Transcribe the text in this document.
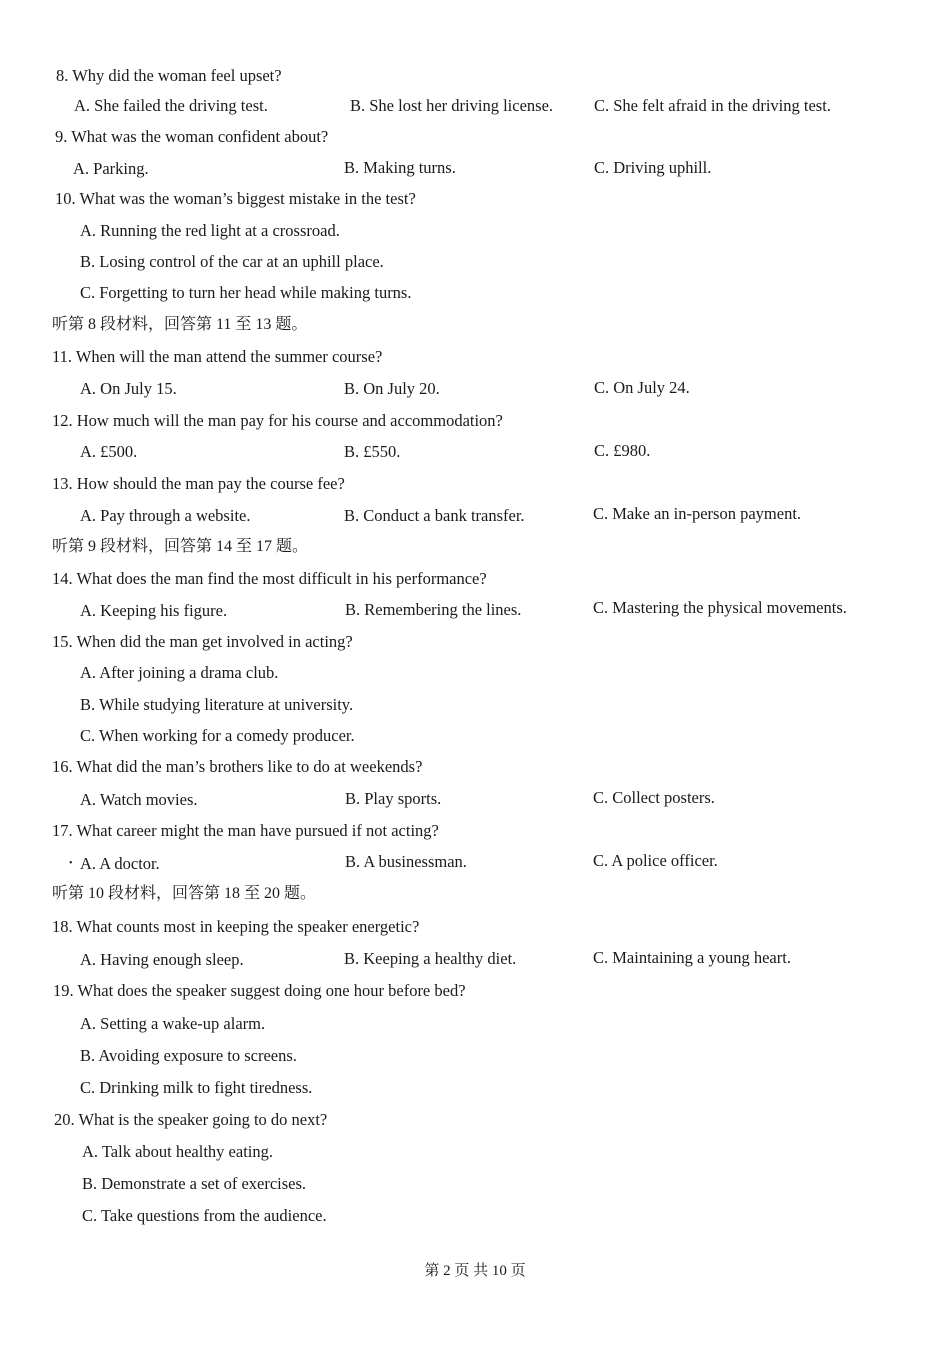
8. Why did the woman feel upset?
A. She failed the driving test.	B. She lost her driving license. C. She felt afraid in the driving test.
9. What was the woman confident about?
A. Parking.	B. Making turns.	C. Driving uphill.
10. What was the woman’s biggest mistake in the test?
A. Running the red light at a crossroad.
B. Losing control of the car at an uphill place.
C. Forgetting to turn her head while making turns.
听第 8 段材料，回答第 11 至 13 题。
11. When will the man attend the summer course?
A. On July 15.	B. On July 20.	C. On July 24.
12. How much will the man pay for his course and accommodation?
A. £500.	B. £550.	C. £980.
13. How should the man pay the course fee?
A. Pay through a website.	B. Conduct a bank transfer.	C. Make an in-person payment.
听第 9 段材料，回答第 14 至 17 题。
14. What does the man find the most difficult in his performance?
A. Keeping his figure.	B. Remembering the lines.	C. Mastering the physical movements.
15. When did the man get involved in acting?
A. After joining a drama club.
B. While studying literature at university.
C. When working for a comedy producer.
16. What did the man’s brothers like to do at weekends?
A. Watch movies.	B. Play sports.	C. Collect posters.
17. What career might the man have pursued if not acting?
• A. A doctor.	B. A businessman.	C. A police officer.
听第 10 段材料，回答第 18 至 20 题。
18. What counts most in keeping the speaker energetic?
A. Having enough sleep.	B. Keeping a healthy diet.	C. Maintaining a young heart.
19. What does the speaker suggest doing one hour before bed?
A. Setting a wake-up alarm.
B. Avoiding exposure to screens.
C. Drinking milk to fight tiredness.
20. What is the speaker going to do next?
A. Talk about healthy eating.
B. Demonstrate a set of exercises.
C. Take questions from the audience.
第 2 页 共 10 页
